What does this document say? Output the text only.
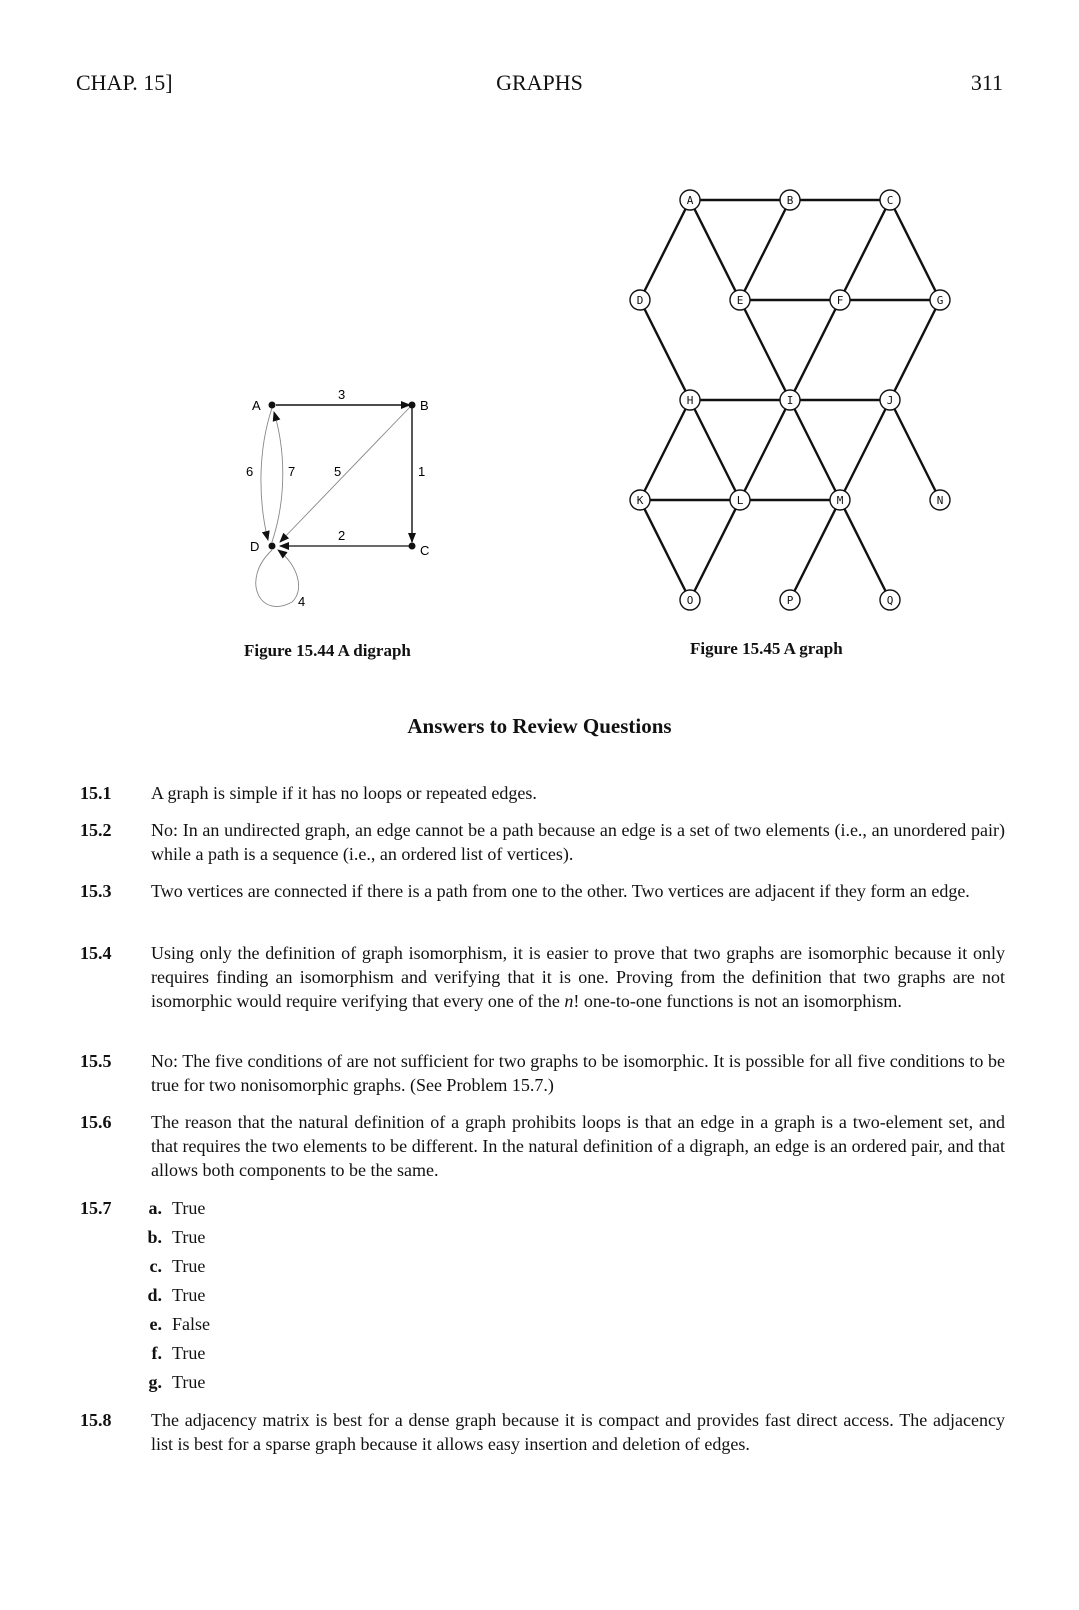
CHAP. 15]	GRAPHS	311
A	B
C
D
1
2
3
4
5
6	7
Figure 15.44 A digraph
A	B	C
D	E	F	G
H	I	J
K	L	M	N
O	P	Q
Figure 15.45 A graph
Answers to Review Questions
15.1 A graph is simple if it has no loops or repeated edges.
15.2 No: In an undirected graph, an edge cannot be a path because an edge is a set of two elements (i.e., an unordered pair) while a path is a sequence (i.e., an ordered list of vertices).
15.3 Two vertices are connected if there is a path from one to the other. Two vertices are adjacent if they form an edge.
15.4 Using only the definition of graph isomorphism, it is easier to prove that two graphs are isomorphic because it only requires finding an isomorphism and verifying that it is one. Proving from the definition that two graphs are not isomorphic would require verifying that every one of the n! one-to-one functions is not an isomorphism.
15.5 No: The five conditions of are not sufficient for two graphs to be isomorphic. It is possible for all five conditions to be true for two nonisomorphic graphs. (See Problem 15.7.)
15.6 The reason that the natural definition of a graph prohibits loops is that an edge in a graph is a two-element set, and that requires the two elements to be different. In the natural definition of a digraph, an edge is an ordered pair, and that allows both components to be the same.
15.7	a. True
b. True
c. True
d. True
e. False
f. True
g. True
15.8 The adjacency matrix is best for a dense graph because it is compact and provides fast direct access. The adjacency list is best for a sparse graph because it allows easy insertion and deletion of edges.
